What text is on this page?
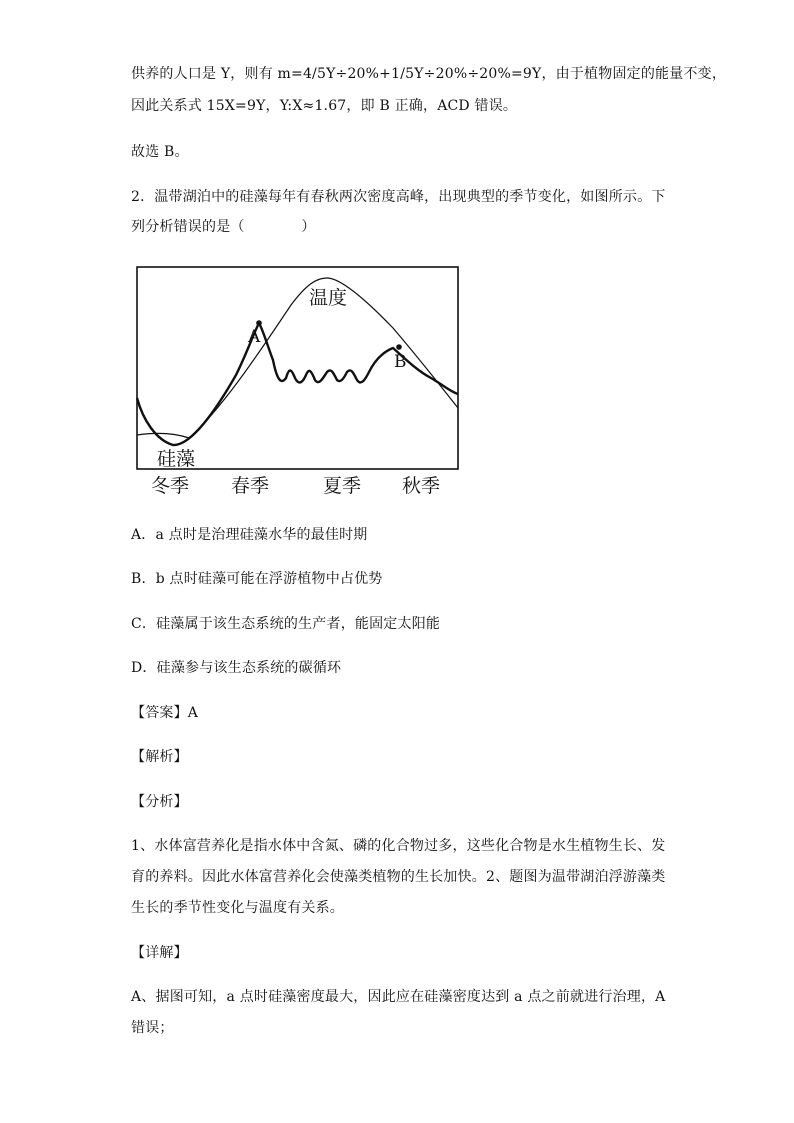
供养的人口是 Y，则有 m=4/5Y÷20%+1/5Y÷20%÷20%=9Y，由于植物固定的能量不变，
因此关系式 15X=9Y，Y:X≈1.67，即 B 正确，ACD 错误。
故选 B。
2．温带湖泊中的硅藻每年有春秋两次密度高峰，出现典型的季节变化，如图所示。下
列分析错误的是（　　　　）
温度
A
B
硅藻
冬季 春季	夏季 秋季
A．a 点时是治理硅藻水华的最佳时期
B．b 点时硅藻可能在浮游植物中占优势
C．硅藻属于该生态系统的生产者，能固定太阳能
D．硅藻参与该生态系统的碳循环
【答案】A
【解析】
【分析】
1、水体富营养化是指水体中含氮、磷的化合物过多，这些化合物是水生植物生长、发
育的养料。因此水体富营养化会使藻类植物的生长加快。2、题图为温带湖泊浮游藻类
生长的季节性变化与温度有关系。
【详解】
A、据图可知，a 点时硅藻密度最大，因此应在硅藻密度达到 a 点之前就进行治理，A
错误；
